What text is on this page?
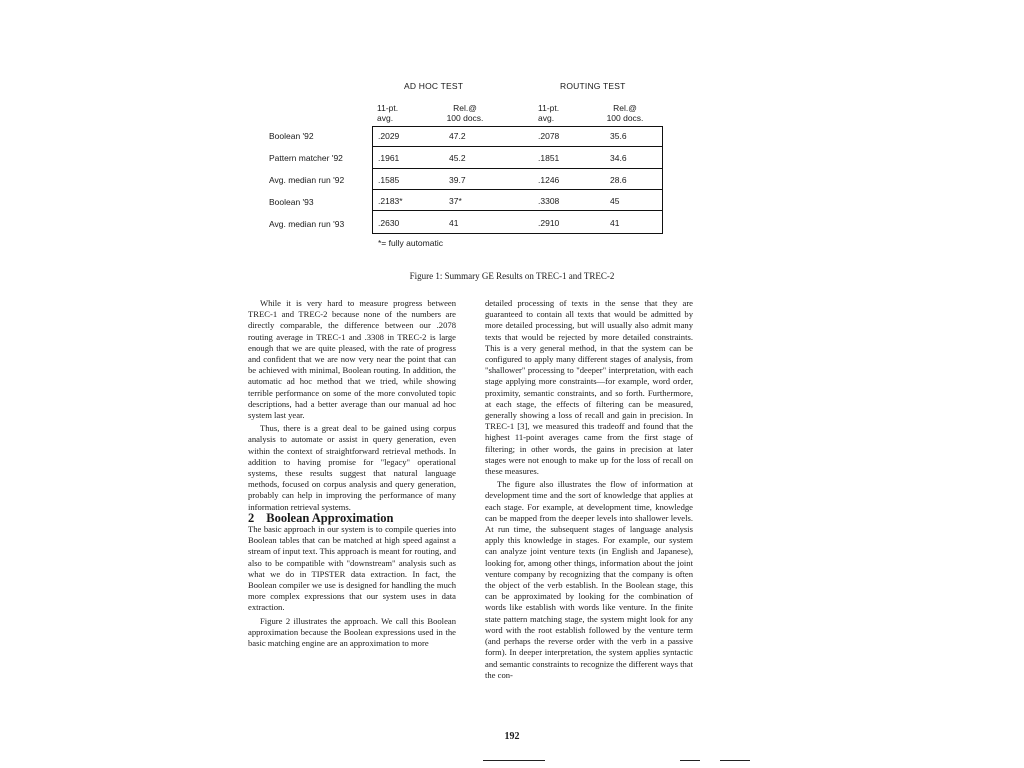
AD HOC TEST	ROUTING TEST
11-pt.
avg.
Rel.@
100 docs.
11-pt.
avg.
Rel.@
100 docs.
Boolean '92	.2029	47.2	.2078	35.6
Pattern matcher '92	.1961	45.2	.1851	34.6
Avg. median run '92	.1585	39.7	.1246	28.6
Boolean '93	.2183*	37*	.3308	45
Avg. median run '93	.2630	41	.2910	41
*= fully automatic
Figure 1: Summary GE Results on TREC-1 and TREC-2

While it is very hard to measure progress between TREC-1 and TREC-2 because none of the numbers are directly comparable, the difference between our .2078 routing average in TREC-1 and .3308 in TREC-2 is large enough that we are quite pleased, with the rate of progress and confident that we are now very near the point that can be achieved with minimal, Boolean routing. In addition, the automatic ad hoc method that we tried, while showing terrible performance on some of the more convoluted topic descriptions, had a better average than our manual ad hoc system last year.

Thus, there is a great deal to be gained using corpus analysis to automate or assist in query generation, even within the context of straightforward retrieval methods. In addition to having promise for "legacy" operational systems, these results suggest that natural language methods, focused on corpus analysis and query generation, probably can help in improving the performance of many information retrieval systems.

2 Boolean Approximation

The basic approach in our system is to compile queries into Boolean tables that can be matched at high speed against a stream of input text. This approach is meant for routing, and also to be compatible with "downstream" analysis such as what we do in TIPSTER data extraction. In fact, the Boolean compiler we use is designed for handling the much more complex expressions that our system uses in data extraction.

Figure 2 illustrates the approach. We call this Boolean approximation because the Boolean expressions used in the basic matching engine are an approximation to more

detailed processing of texts in the sense that they are guaranteed to contain all texts that would be admitted by more detailed processing, but will usually also admit many texts that would be rejected by more detailed constraints. This is a very general method, in that the system can be configured to apply many different stages of analysis, from "shallower" processing to "deeper" interpretation, with each stage applying more constraints—for example, word order, proximity, semantic constraints, and so forth. Furthermore, at each stage, the effects of filtering can be measured, generally showing a loss of recall and gain in precision. In TREC-1 [3], we measured this tradeoff and found that the highest 11-point averages came from the first stage of filtering; in other words, the gains in precision at later stages were not enough to make up for the loss of recall on these measures.

The figure also illustrates the flow of information at development time and the sort of knowledge that applies at each stage. For example, at development time, knowledge can be mapped from the deeper levels into shallower levels. At run time, the subsequent stages of language analysis apply this knowledge in stages. For example, our system can analyze joint venture texts (in English and Japanese), looking for, among other things, information about the joint venture company by recognizing that the company is often the object of the verb establish. In the Boolean stage, this can be approximated by looking for the combination of words like establish with words like venture. In the finite state pattern matching stage, the system might look for any word with the root establish followed by the venture term (and perhaps the reverse order with the verb in a passive form). In deeper interpretation, the system applies syntactic and semantic constraints to recognize the different ways that the con-

192
